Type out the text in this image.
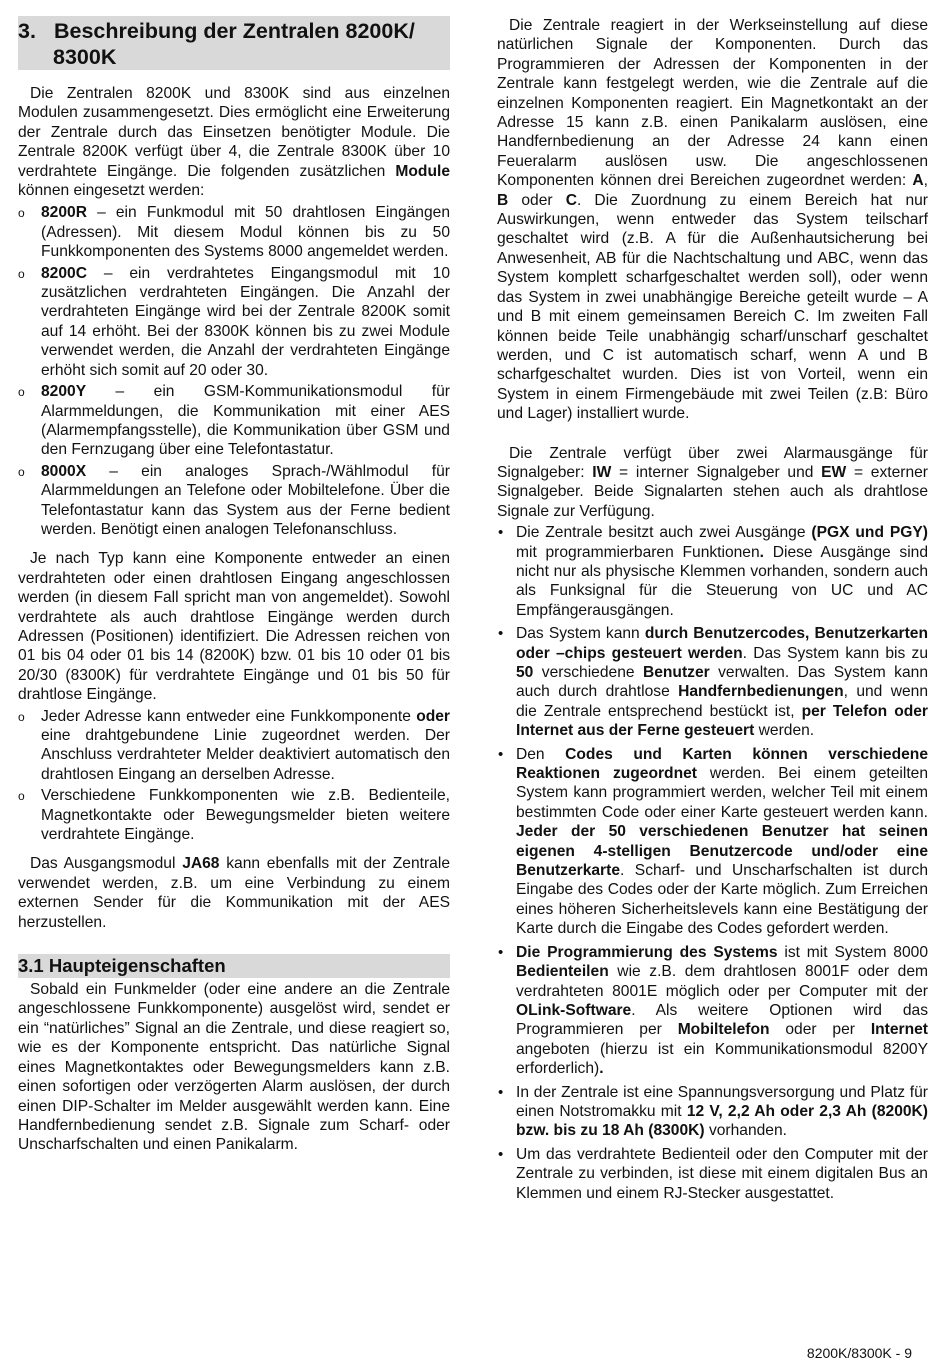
3. Beschreibung der Zentralen 8200K/
8300K

Die Zentralen 8200K und 8300K sind aus einzelnen Modulen zusammengesetzt. Dies ermöglicht eine Erweiterung der Zentrale durch das Einsetzen benötigter Module. Die Zentrale 8200K verfügt über 4, die Zentrale 8300K über 10 verdrahtete Eingänge. Die folgenden zusätzlichen Module können eingesetzt werden:

o 8200R – ein Funkmodul mit 50 drahtlosen Eingängen (Adressen). Mit diesem Modul können bis zu 50 Funkkomponenten des Systems 8000 angemeldet werden.
o 8200C – ein verdrahtetes Eingangsmodul mit 10 zusätzlichen verdrahteten Eingängen. Die Anzahl der verdrahteten Eingänge wird bei der Zentrale 8200K somit auf 14 erhöht. Bei der 8300K können bis zu zwei Module verwendet werden, die Anzahl der verdrahteten Eingänge erhöht sich somit auf 20 oder 30.
o 8200Y – ein GSM-Kommunikationsmodul für Alarmmeldungen, die Kommunikation mit einer AES (Alarmempfangsstelle), die Kommunikation über GSM und den Fernzugang über eine Telefontastatur.
o 8000X – ein analoges Sprach-/Wählmodul für Alarmmeldungen an Telefone oder Mobiltelefone. Über die Telefontastatur kann das System aus der Ferne bedient werden. Benötigt einen analogen Telefonanschluss.

Je nach Typ kann eine Komponente entweder an einen verdrahteten oder einen drahtlosen Eingang angeschlossen werden (in diesem Fall spricht man von angemeldet). Sowohl verdrahtete als auch drahtlose Eingänge werden durch Adressen (Positionen) identifiziert. Die Adressen reichen von 01 bis 04 oder 01 bis 14 (8200K) bzw. 01 bis 10 oder 01 bis 20/30 (8300K) für verdrahtete Eingänge und 01 bis 50 für drahtlose Eingänge.

o Jeder Adresse kann entweder eine Funkkomponente oder eine drahtgebundene Linie zugeordnet werden. Der Anschluss verdrahteter Melder deaktiviert automatisch den drahtlosen Eingang an derselben Adresse.
o Verschiedene Funkkomponenten wie z.B. Bedienteile, Magnetkontakte oder Bewegungsmelder bieten weitere verdrahtete Eingänge.

Das Ausgangsmodul JA68 kann ebenfalls mit der Zentrale verwendet werden, z.B. um eine Verbindung zu einem externen Sender für die Kommunikation mit der AES herzustellen.

3.1 Haupteigenschaften

Sobald ein Funkmelder (oder eine andere an die Zentrale angeschlossene Funkkomponente) ausgelöst wird, sendet er ein “natürliches” Signal an die Zentrale, und diese reagiert so, wie es der Komponente entspricht. Das natürliche Signal eines Magnetkontaktes oder Bewegungsmelders kann z.B. einen sofortigen oder verzögerten Alarm auslösen, der durch einen DIP-Schalter im Melder ausgewählt werden kann. Eine Handfernbedienung sendet z.B. Signale zum Scharf- oder Unscharfschalten und einen Panikalarm.

Die Zentrale reagiert in der Werkseinstellung auf diese natürlichen Signale der Komponenten. Durch das Programmieren der Adressen der Komponenten in der Zentrale kann festgelegt werden, wie die Zentrale auf die einzelnen Komponenten reagiert. Ein Magnetkontakt an der Adresse 15 kann z.B. einen Panikalarm auslösen, eine Handfernbedienung an der Adresse 24 kann einen Feueralarm auslösen usw. Die angeschlossenen Komponenten können drei Bereichen zugeordnet werden: A, B oder C. Die Zuordnung zu einem Bereich hat nur Auswirkungen, wenn entweder das System teilscharf geschaltet wird (z.B. A für die Außenhautsicherung bei Anwesenheit, AB für die Nachtschaltung und ABC, wenn das System komplett scharfgeschaltet werden soll), oder wenn das System in zwei unabhängige Bereiche geteilt wurde – A und B mit einem gemeinsamen Bereich C. Im zweiten Fall können beide Teile unabhängig scharf/unscharf geschaltet werden, und C ist automatisch scharf, wenn A und B scharfgeschaltet wurden. Dies ist von Vorteil, wenn ein System in einem Firmengebäude mit zwei Teilen (z.B: Büro und Lager) installiert wurde.

Die Zentrale verfügt über zwei Alarmausgänge für Signalgeber: IW = interner Signalgeber und EW = externer Signalgeber. Beide Signalarten stehen auch als drahtlose Signale zur Verfügung.

• Die Zentrale besitzt auch zwei Ausgänge (PGX und PGY) mit programmierbaren Funktionen. Diese Ausgänge sind nicht nur als physische Klemmen vorhanden, sondern auch als Funksignal für die Steuerung von UC und AC Empfängerausgängen.
• Das System kann durch Benutzercodes, Benutzerkarten oder –chips gesteuert werden. Das System kann bis zu 50 verschiedene Benutzer verwalten. Das System kann auch durch drahtlose Handfernbedienungen, und wenn die Zentrale entsprechend bestückt ist, per Telefon oder Internet aus der Ferne gesteuert werden.
• Den Codes und Karten können verschiedene Reaktionen zugeordnet werden. Bei einem geteilten System kann programmiert werden, welcher Teil mit einem bestimmten Code oder einer Karte gesteuert werden kann. Jeder der 50 verschiedenen Benutzer hat seinen eigenen 4-stelligen Benutzercode und/oder eine Benutzerkarte. Scharf- und Unscharfschalten ist durch Eingabe des Codes oder der Karte möglich. Zum Erreichen eines höheren Sicherheitslevels kann eine Bestätigung der Karte durch die Eingabe des Codes gefordert werden.
• Die Programmierung des Systems ist mit System 8000 Bedienteilen wie z.B. dem drahtlosen 8001F oder dem verdrahteten 8001E möglich oder per Computer mit der OLink-Software. Als weitere Optionen wird das Programmieren per Mobiltelefon oder per Internet angeboten (hierzu ist ein Kommunikationsmodul 8200Y erforderlich).
• In der Zentrale ist eine Spannungsversorgung und Platz für einen Notstromakku mit 12 V, 2,2 Ah oder 2,3 Ah (8200K) bzw. bis zu 18 Ah (8300K) vorhanden.
• Um das verdrahtete Bedienteil oder den Computer mit der Zentrale zu verbinden, ist diese mit einem digitalen Bus an Klemmen und einem RJ-Stecker ausgestattet.
8200K/8300K - 9
